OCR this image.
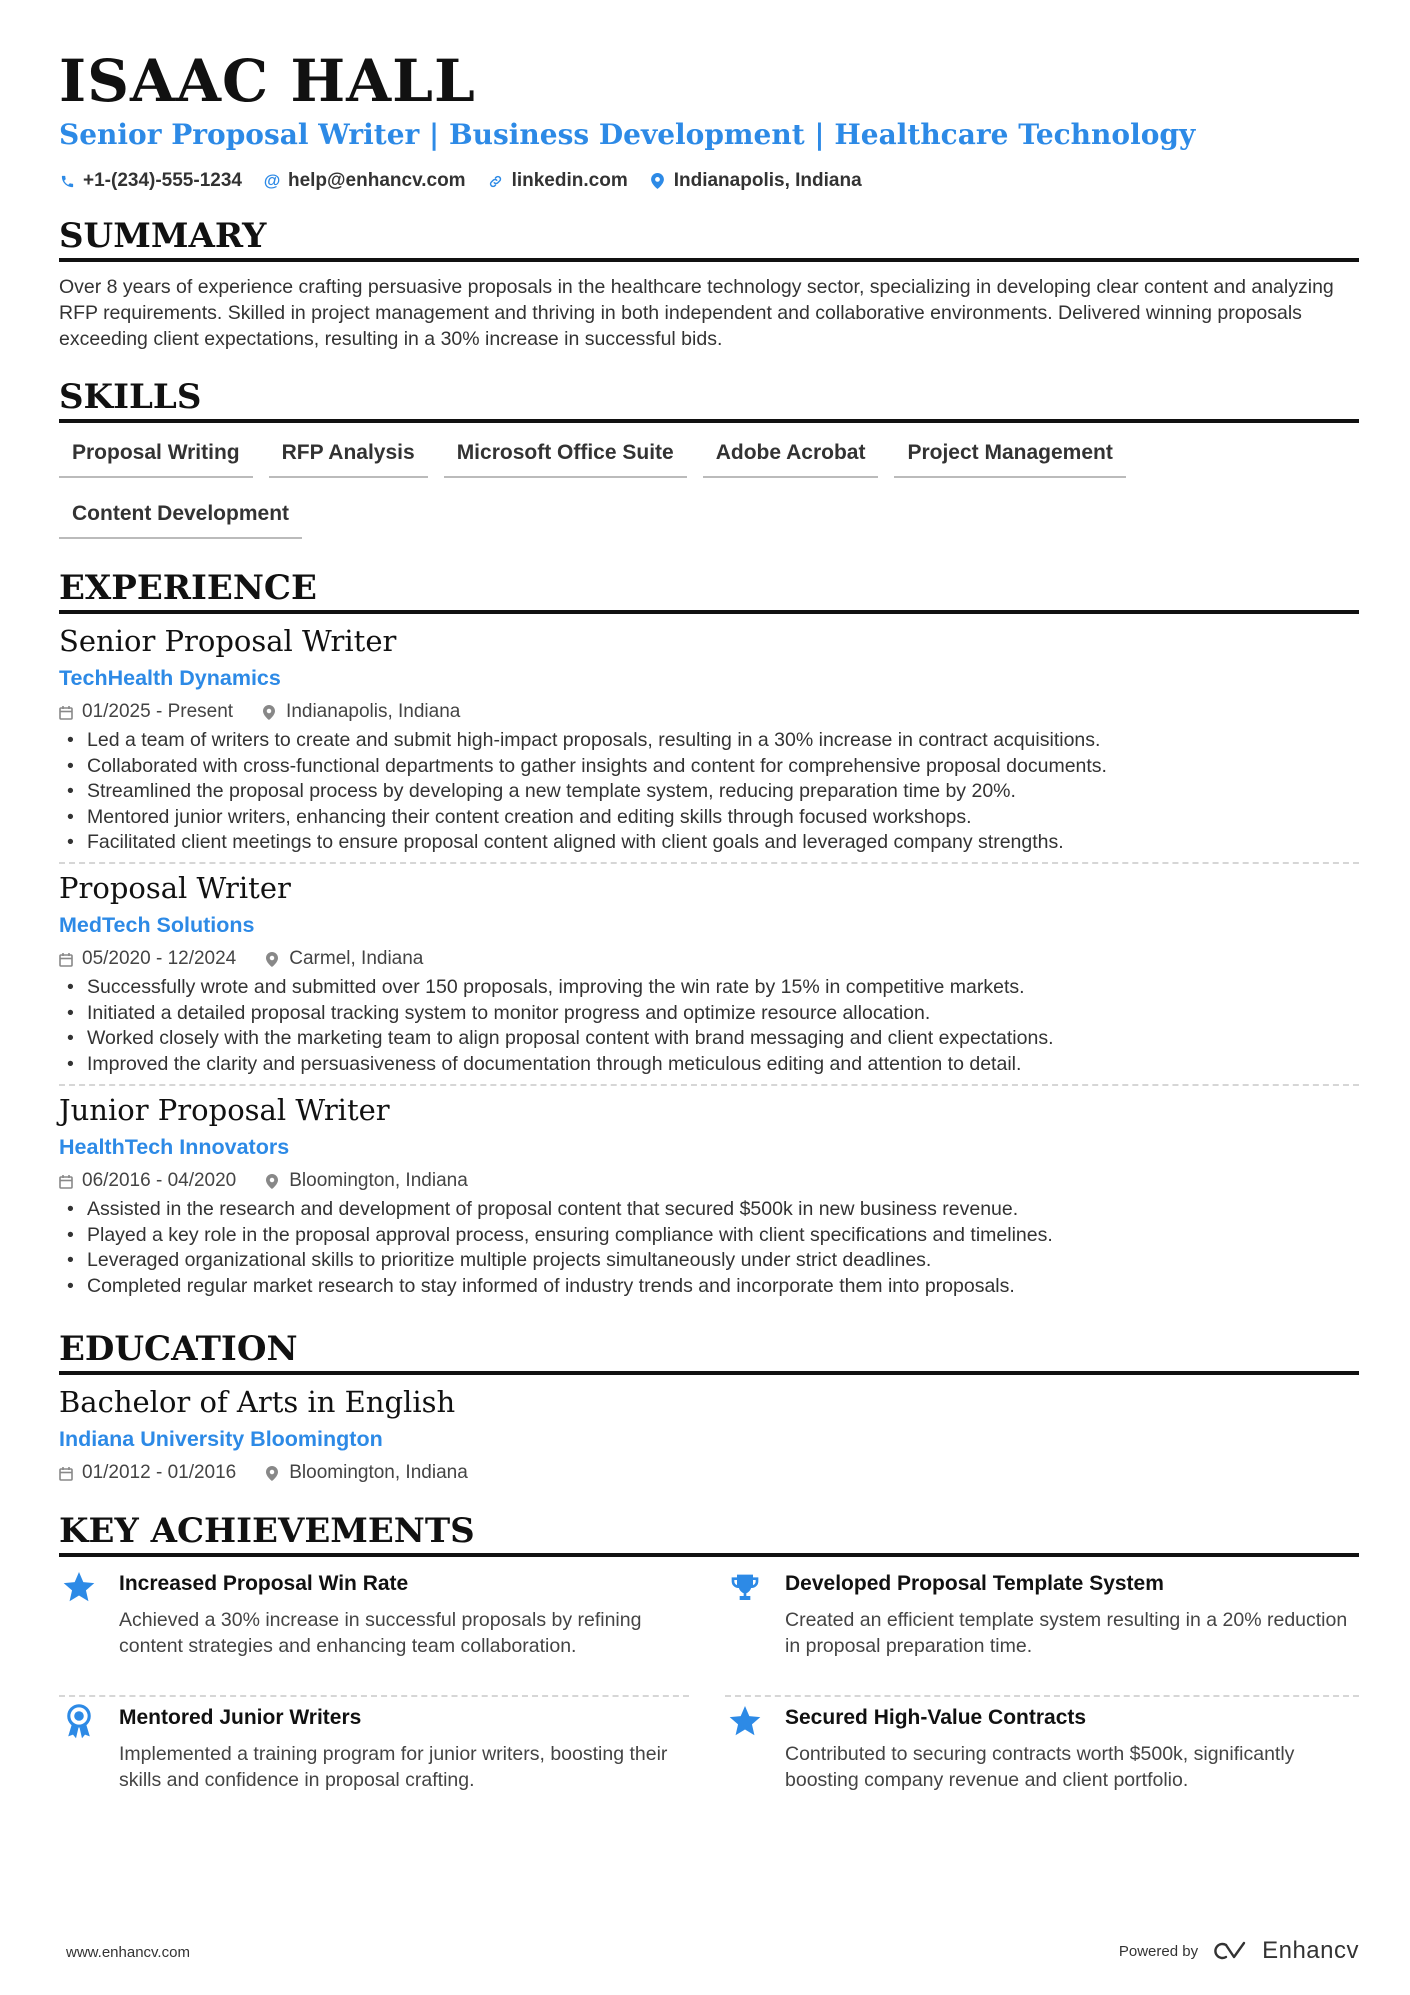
ISAAC HALL
Senior Proposal Writer | Business Development | Healthcare Technology
+1-(234)-555-1234 @ help@enhancv.com linkedin.com Indianapolis, Indiana
SUMMARY
Over 8 years of experience crafting persuasive proposals in the healthcare technology sector, specializing in developing clear content and analyzing RFP requirements. Skilled in project management and thriving in both independent and collaborative environments. Delivered winning proposals exceeding client expectations, resulting in a 30% increase in successful bids.
SKILLS
Proposal Writing	RFP Analysis	Microsoft Office Suite	Adobe Acrobat	Project Management
Content Development
EXPERIENCE
Senior Proposal Writer
TechHealth Dynamics
01/2025 - Present	Indianapolis, Indiana
• Led a team of writers to create and submit high-impact proposals, resulting in a 30% increase in contract acquisitions.
• Collaborated with cross-functional departments to gather insights and content for comprehensive proposal documents.
• Streamlined the proposal process by developing a new template system, reducing preparation time by 20%.
• Mentored junior writers, enhancing their content creation and editing skills through focused workshops.
• Facilitated client meetings to ensure proposal content aligned with client goals and leveraged company strengths.
Proposal Writer
MedTech Solutions
05/2020 - 12/2024	Carmel, Indiana
• Successfully wrote and submitted over 150 proposals, improving the win rate by 15% in competitive markets.
• Initiated a detailed proposal tracking system to monitor progress and optimize resource allocation.
• Worked closely with the marketing team to align proposal content with brand messaging and client expectations.
• Improved the clarity and persuasiveness of documentation through meticulous editing and attention to detail.
Junior Proposal Writer
HealthTech Innovators
06/2016 - 04/2020	Bloomington, Indiana
• Assisted in the research and development of proposal content that secured $500k in new business revenue.
• Played a key role in the proposal approval process, ensuring compliance with client specifications and timelines.
• Leveraged organizational skills to prioritize multiple projects simultaneously under strict deadlines.
• Completed regular market research to stay informed of industry trends and incorporate them into proposals.
EDUCATION
Bachelor of Arts in English
Indiana University Bloomington
01/2012 - 01/2016	Bloomington, Indiana
KEY ACHIEVEMENTS
Increased Proposal Win Rate
Achieved a 30% increase in successful proposals by refining content strategies and enhancing team collaboration.
Developed Proposal Template System
Created an efficient template system resulting in a 20% reduction in proposal preparation time.
Mentored Junior Writers
Implemented a training program for junior writers, boosting their skills and confidence in proposal crafting.
Secured High-Value Contracts
Contributed to securing contracts worth $500k, significantly boosting company revenue and client portfolio.
www.enhancv.com	Powered by	Enhancv
